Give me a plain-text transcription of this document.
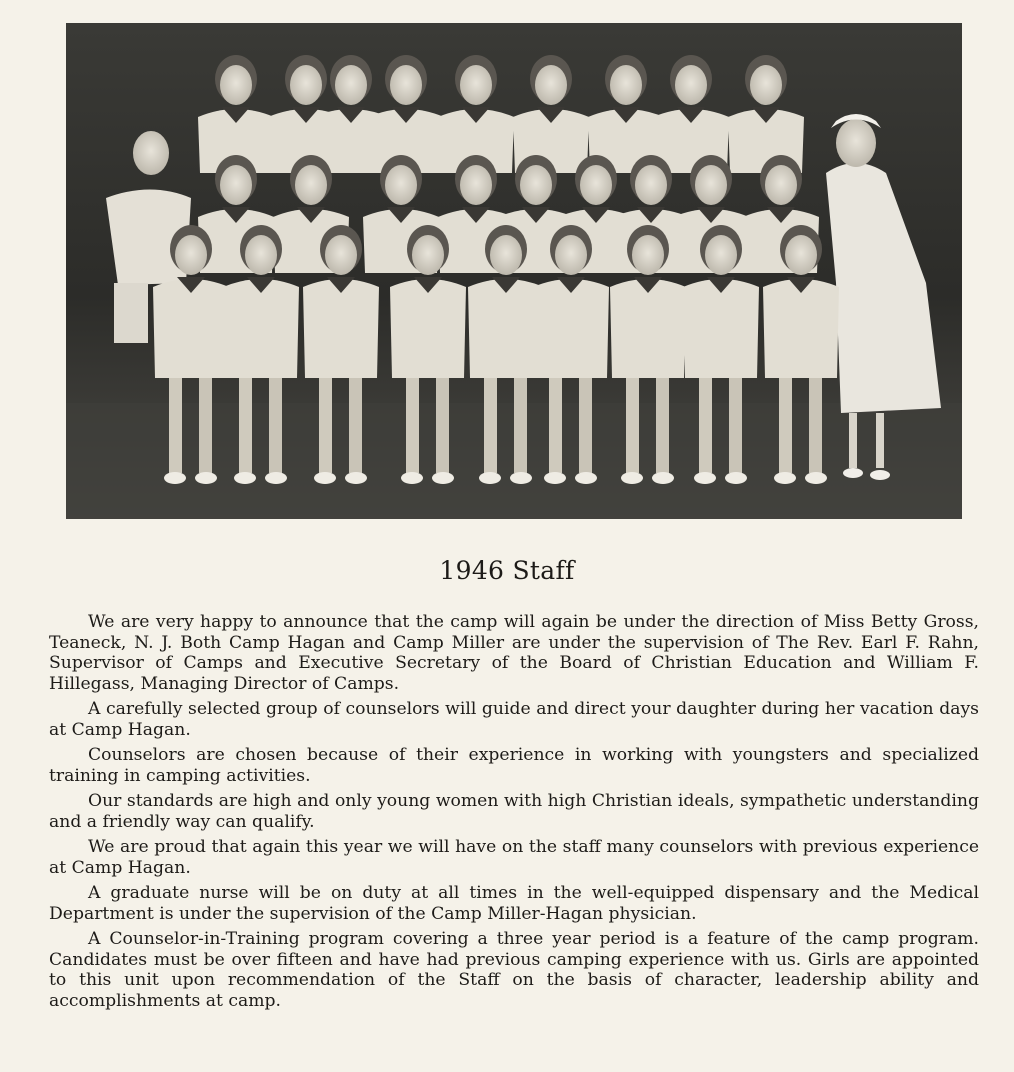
1946 Staff

We are very happy to announce that the camp will again be under the direction of Miss Betty Gross, Teaneck, N. J. Both Camp Hagan and Camp Miller are under the supervision of The Rev. Earl F. Rahn, Supervisor of Camps and Executive Secretary of the Board of Christian Education and William F. Hillegass, Managing Director of Camps.

A carefully selected group of counselors will guide and direct your daughter during her vacation days at Camp Hagan.

Counselors are chosen because of their experience in working with youngsters and specialized training in camping activities.

Our standards are high and only young women with high Christian ideals, sympathetic understanding and a friendly way can qualify.

We are proud that again this year we will have on the staff many counselors with previous experience at Camp Hagan.

A graduate nurse will be on duty at all times in the well-equipped dispensary and the Medical Department is under the supervision of the Camp Miller-Hagan physician.

A Counselor-in-Training program covering a three year period is a feature of the camp program. Candidates must be over fifteen and have had previous camping experience with us. Girls are appointed to this unit upon recommendation of the Staff on the basis of character, leadership ability and accomplishments at camp.
